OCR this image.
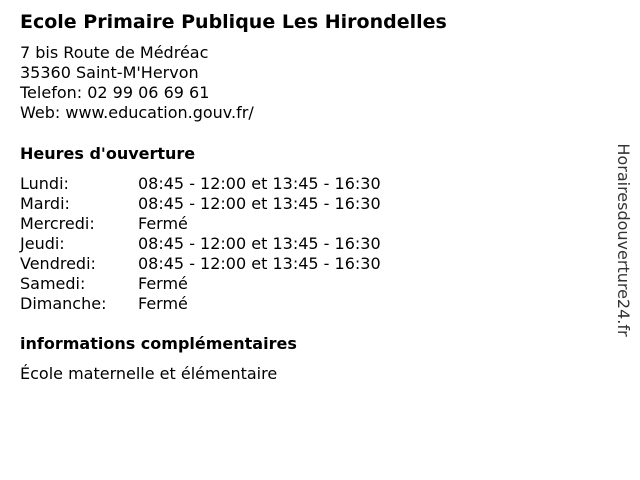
Ecole Primaire Publique Les Hirondelles
7 bis Route de Médréac
35360 Saint-M'Hervon
Telefon: 02 99 06 69 61
Web: www.education.gouv.fr/
Heures d'ouverture
Lundi:	08:45 - 12:00 et 13:45 - 16:30
Mardi:	08:45 - 12:00 et 13:45 - 16:30
Mercredi:	Fermé
Jeudi:	08:45 - 12:00 et 13:45 - 16:30
Vendredi:	08:45 - 12:00 et 13:45 - 16:30
Samedi:	Fermé
Dimanche:	Fermé
informations complémentaires
École maternelle et élémentaire
Horairesdouverture24.fr
